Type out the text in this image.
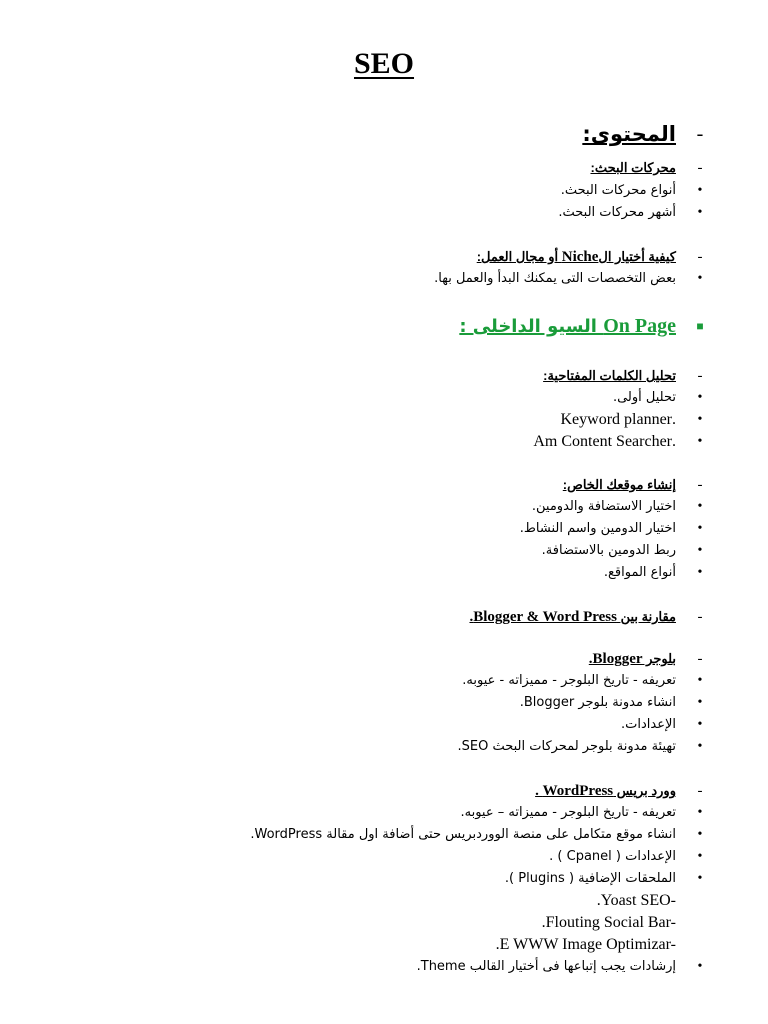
SEO
-
المحتوى:
-
محركات البحث:
•
أنواع محركات البحث.
•
أشهر محركات البحث.
-
كيفية أختيار الNiche أو مجال العمل:
•
بعض التخصصات التى يمكنك البدأ والعمل بها.
■
On Page السيو الداخلى :
-
تحليل الكلمات المفتاحية:
•
تحليل أولى.
•
.Keyword planner
•
.Am Content Searcher
-
إنشاء موقعك الخاص:
•
اختيار الاستضافة والدومين.
•
اختيار الدومين واسم النشاط.
•
ربط الدومين بالاستضافة.
•
أنواع المواقع.
-
مقارنة بين Blogger & Word Press.
-
بلوجر Blogger.
•
تعريفه - تاريخ البلوجر - مميزاته - عيوبه.
•
انشاء مدونة بلوجر Blogger.
•
الإعدادات.
•
تهيئة مدونة بلوجر لمحركات البحث SEO.
-
وورد بريس WordPress .
•
تعريفه - تاريخ البلوجر - مميزاته – عيوبه.
•
انشاء موقع متكامل على منصة الووردبريس حتى أضافة اول مقالة WordPress.
•
الإعدادات ( Cpanel ) .
•
الملحقات الإضافية ( Plugins ).
.Yoast SEO-
.Flouting Social Bar-
.E WWW Image Optimizar-
•
إرشادات يجب إتباعها فى أختيار القالب Theme.
